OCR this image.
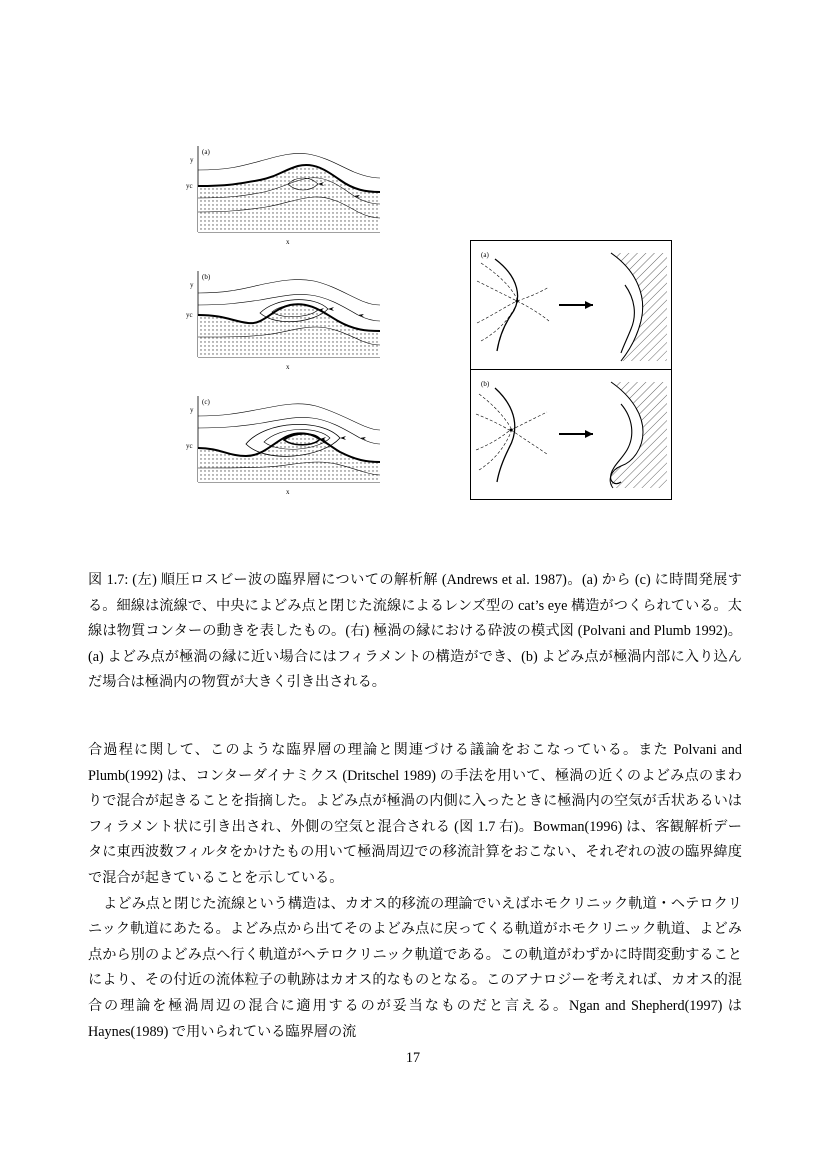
y
yc
x
(a)
y
yc
x
(b)
y
yc
x
(c)
(a)
(b)
図 1.7: (左) 順圧ロスビー波の臨界層についての解析解 (Andrews et al. 1987)。(a) から (c) に時間発展する。細線は流線で、中央によどみ点と閉じた流線によるレンズ型の cat’s eye 構造がつくられている。太線は物質コンターの動きを表したもの。(右) 極渦の縁における砕波の模式図 (Polvani and Plumb 1992)。(a) よどみ点が極渦の縁に近い場合にはフィラメントの構造ができ、(b) よどみ点が極渦内部に入り込んだ場合は極渦内の物質が大きく引き出される。

合過程に関して、このような臨界層の理論と関連づける議論をおこなっている。また Polvani and Plumb(1992) は、コンターダイナミクス (Dritschel 1989) の手法を用いて、極渦の近くのよどみ点のまわりで混合が起きることを指摘した。よどみ点が極渦の内側に入ったときに極渦内の空気が舌状あるいはフィラメント状に引き出され、外側の空気と混合される (図 1.7 右)。Bowman(1996) は、客観解析データに東西波数フィルタをかけたもの用いて極渦周辺での移流計算をおこない、それぞれの波の臨界緯度で混合が起きていることを示している。

よどみ点と閉じた流線という構造は、カオス的移流の理論でいえばホモクリニック軌道・ヘテロクリニック軌道にあたる。よどみ点から出てそのよどみ点に戻ってくる軌道がホモクリニック軌道、よどみ点から別のよどみ点へ行く軌道がヘテロクリニック軌道である。この軌道がわずかに時間変動することにより、その付近の流体粒子の軌跡はカオス的なものとなる。このアナロジーを考えれば、カオス的混合の理論を極渦周辺の混合に適用するのが妥当なものだと言える。Ngan and Shepherd(1997) は Haynes(1989) で用いられている臨界層の流

17
